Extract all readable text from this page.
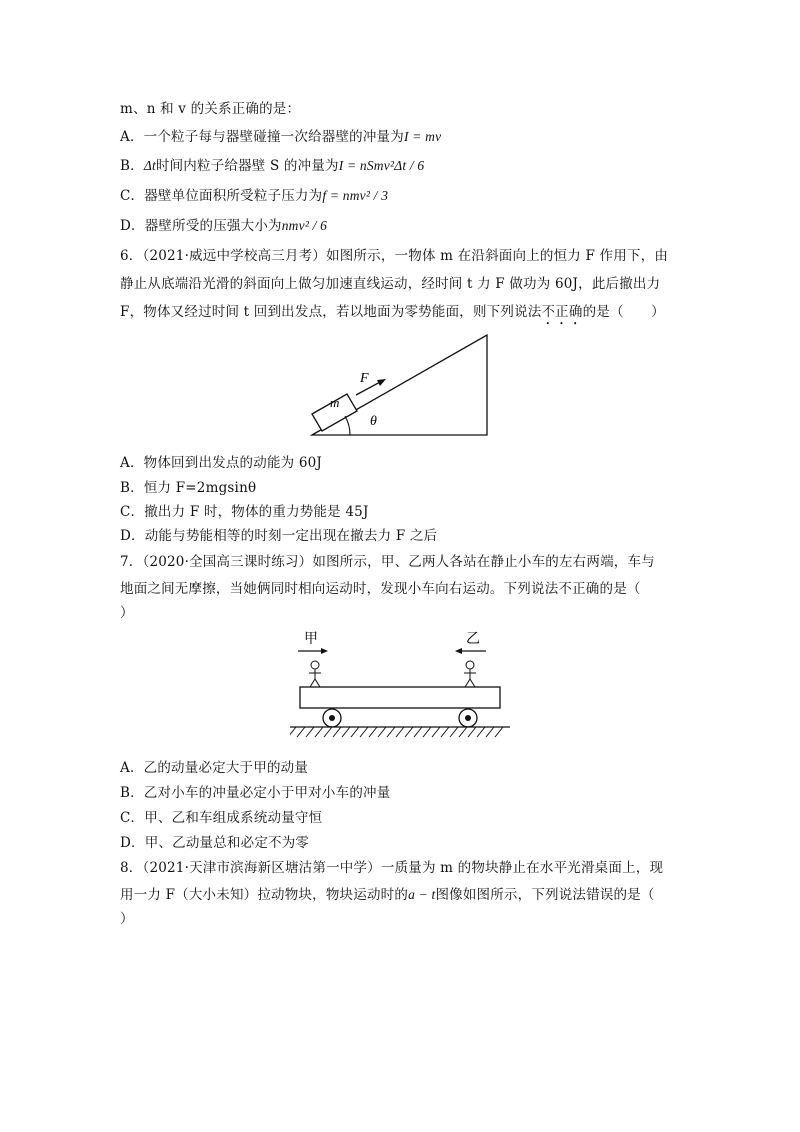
m、n 和 v 的关系正确的是：
A．一个粒子每与器壁碰撞一次给器壁的冲量为I = mv
B．Δt时间内粒子给器壁 S 的冲量为I = nSmv²Δt / 6
C．器壁单位面积所受粒子压力为f = nmv² / 3
D．器壁所受的压强大小为nmv² / 6
6．（2021·威远中学校高三月考）如图所示，一物体 m 在沿斜面向上的恒力 F 作用下，由
静止从底端沿光滑的斜面向上做匀加速直线运动，经时间 t 力 F 做功为 60J，此后撤出力
F，物体又经过时间 t 回到出发点，若以地面为零势能面，则下列说法不正确的是（　　）
m
F
θ
A．物体回到出发点的动能为 60J
B．恒力 F=2mgsinθ
C．撤出力 F 时，物体的重力势能是 45J
D．动能与势能相等的时刻一定出现在撤去力 F 之后
7．（2020·全国高三课时练习）如图所示，甲、乙两人各站在静止小车的左右两端，车与
地面之间无摩擦，当她俩同时相向运动时，发现小车向右运动。下列说法不正确的是（
）
甲	乙
A．乙的动量必定大于甲的动量
B．乙对小车的冲量必定小于甲对小车的冲量
C．甲、乙和车组成系统动量守恒
D．甲、乙动量总和必定不为零
8．（2021·天津市滨海新区塘沽第一中学）一质量为 m 的物块静止在水平光滑桌面上，现
用一力 F（大小未知）拉动物块，物块运动时的a − t图像如图所示，下列说法错误的是（
）
